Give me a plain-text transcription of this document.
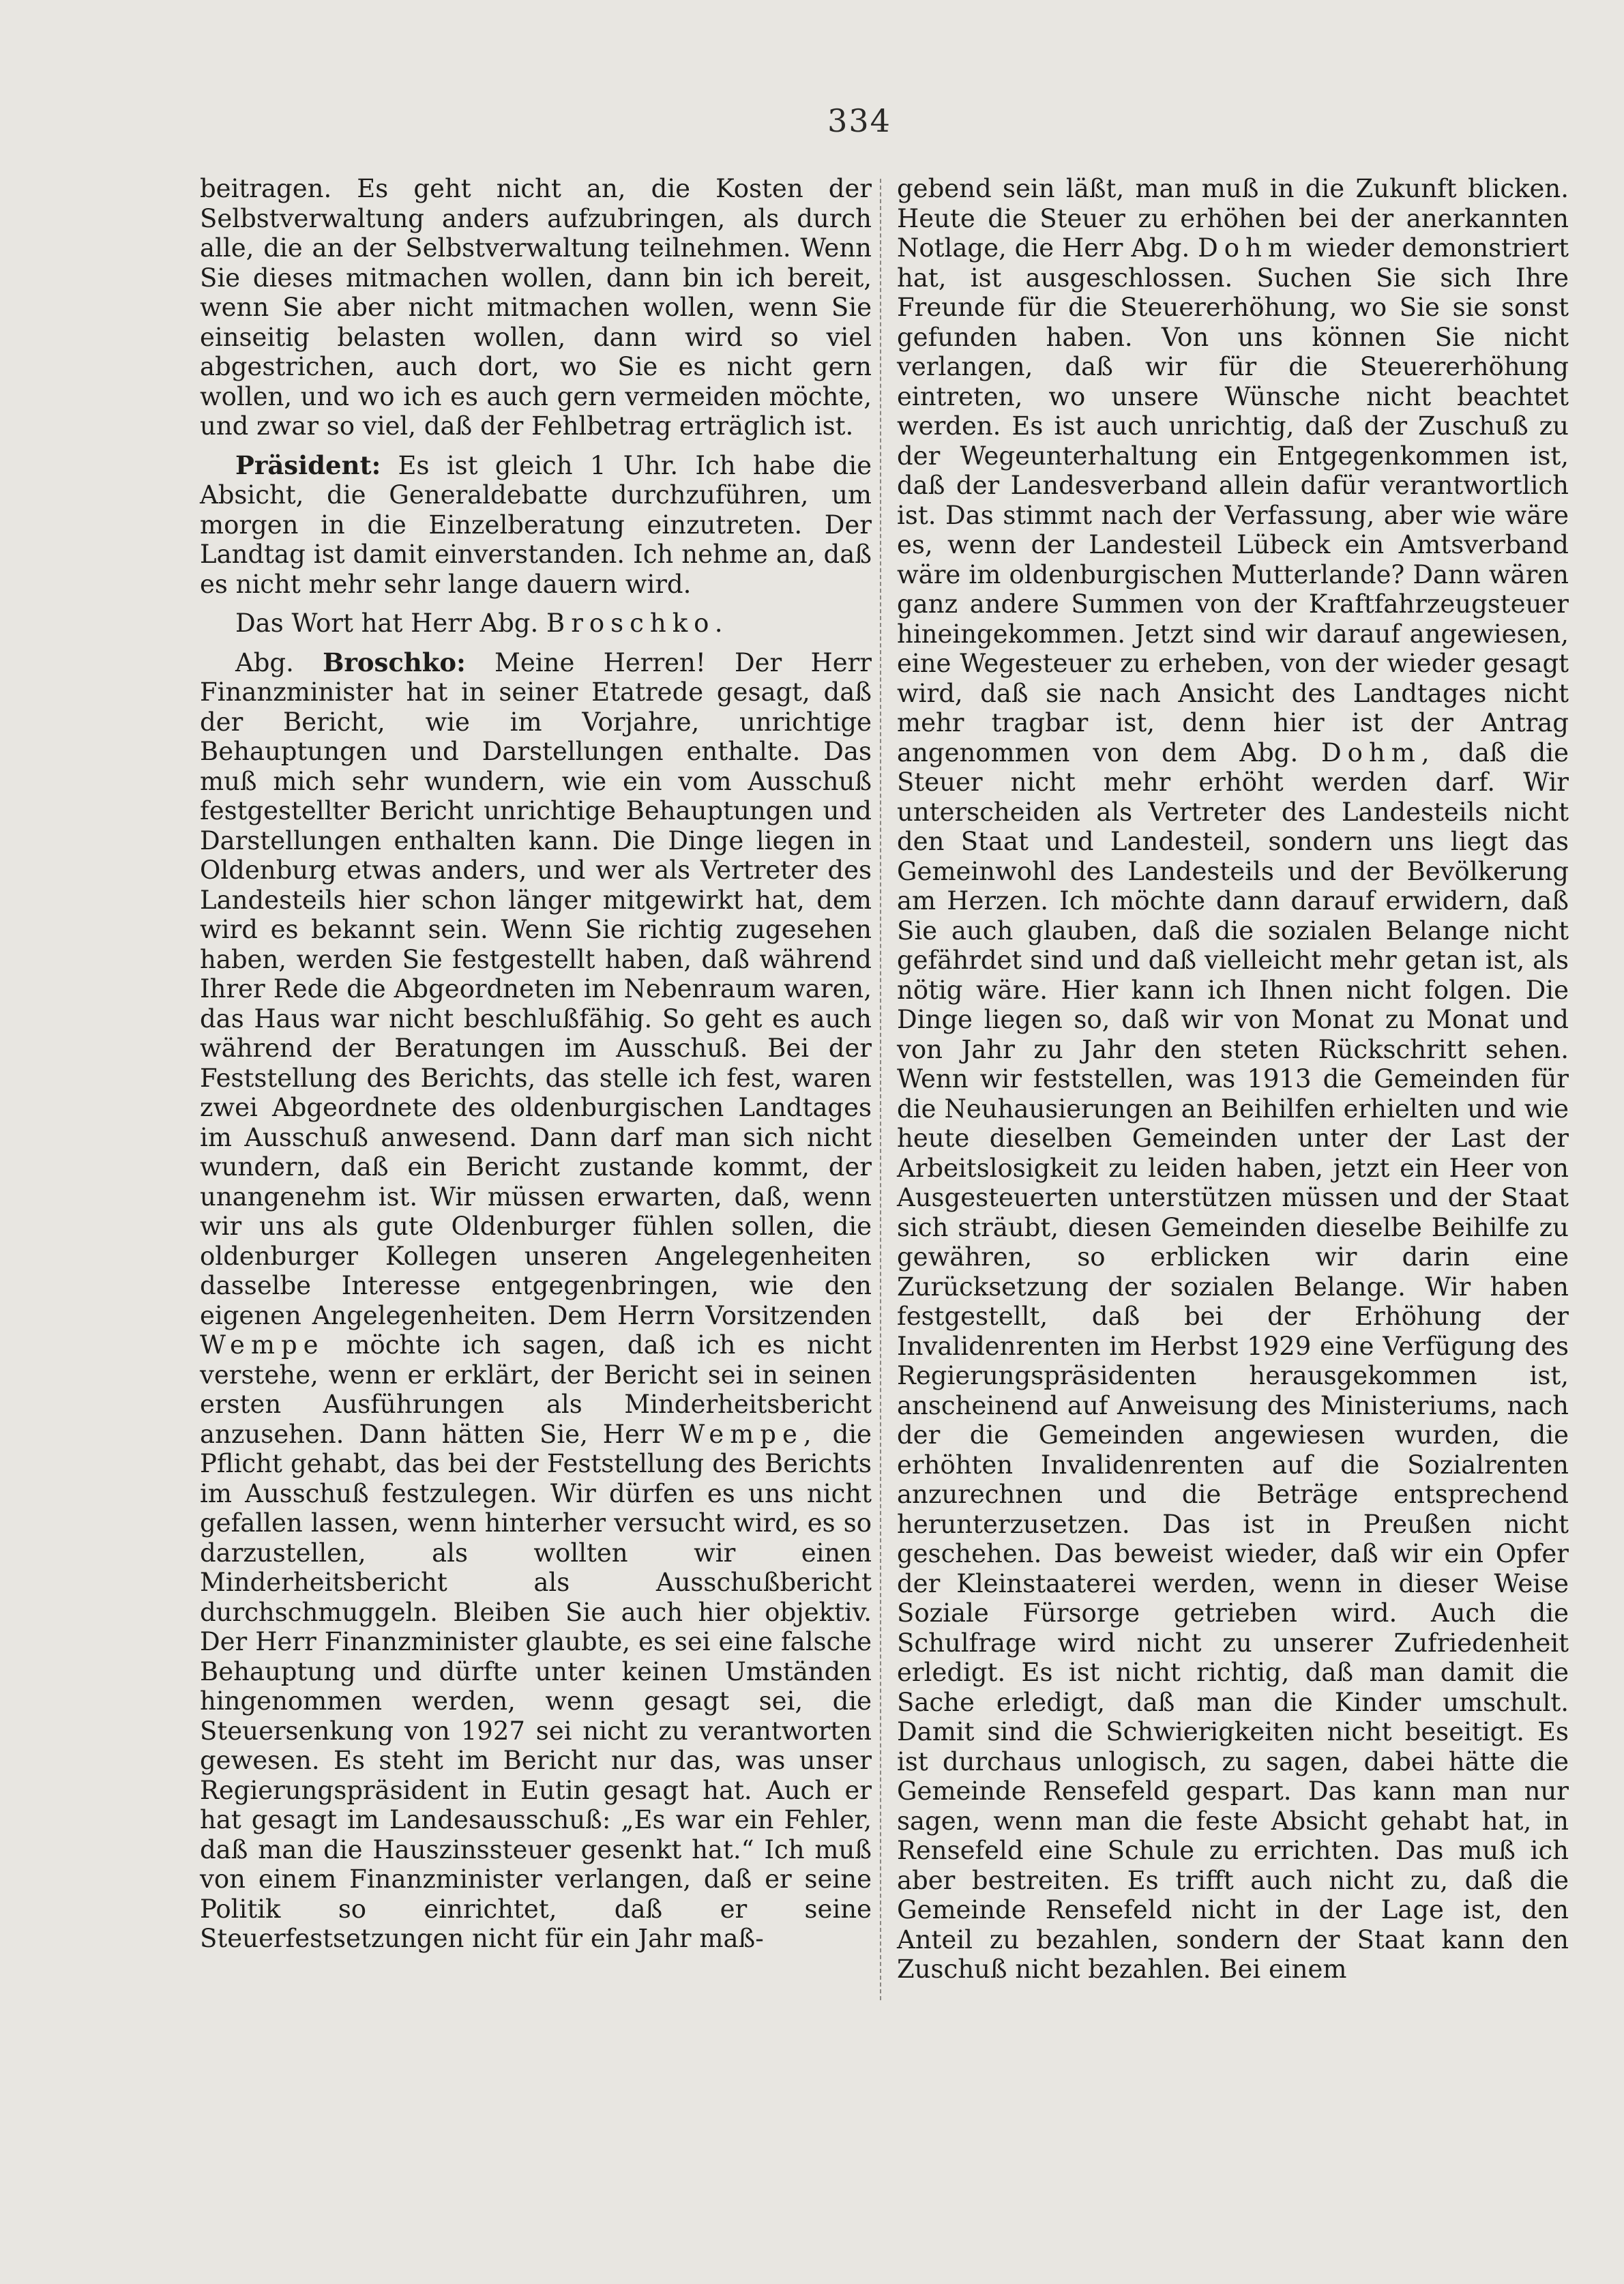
334

beitragen. Es geht nicht an, die Kosten der Selbstverwaltung anders aufzubringen, als durch alle, die an der Selbstverwaltung teilnehmen. Wenn Sie dieses mitmachen wollen, dann bin ich bereit, wenn Sie aber nicht mitmachen wollen, wenn Sie einseitig belasten wollen, dann wird so viel abgestrichen, auch dort, wo Sie es nicht gern wollen, und wo ich es auch gern vermeiden möchte, und zwar so viel, daß der Fehlbetrag erträglich ist.

Präsident: Es ist gleich 1 Uhr. Ich habe die Absicht, die Generaldebatte durchzuführen, um morgen in die Einzelberatung einzutreten. Der Landtag ist damit einverstanden. Ich nehme an, daß es nicht mehr sehr lange dauern wird.

Das Wort hat Herr Abg. Broschko.

Abg. Broschko: Meine Herren! Der Herr Finanzminister hat in seiner Etatrede gesagt, daß der Bericht, wie im Vorjahre, unrichtige Behauptungen und Darstellungen enthalte. Das muß mich sehr wundern, wie ein vom Ausschuß festgestellter Bericht unrichtige Behauptungen und Darstellungen enthalten kann. Die Dinge liegen in Oldenburg etwas anders, und wer als Vertreter des Landesteils hier schon länger mitgewirkt hat, dem wird es bekannt sein. Wenn Sie richtig zugesehen haben, werden Sie festgestellt haben, daß während Ihrer Rede die Abgeordneten im Nebenraum waren, das Haus war nicht beschlußfähig. So geht es auch während der Beratungen im Ausschuß. Bei der Feststellung des Berichts, das stelle ich fest, waren zwei Abgeordnete des oldenburgischen Landtages im Ausschuß anwesend. Dann darf man sich nicht wundern, daß ein Bericht zustande kommt, der unangenehm ist. Wir müssen erwarten, daß, wenn wir uns als gute Oldenburger fühlen sollen, die oldenburger Kollegen unseren Angelegenheiten dasselbe Interesse entgegenbringen, wie den eigenen Angelegenheiten. Dem Herrn Vorsitzenden Wempe möchte ich sagen, daß ich es nicht verstehe, wenn er erklärt, der Bericht sei in seinen ersten Ausführungen als Minderheitsbericht anzusehen. Dann hätten Sie, Herr Wempe, die Pflicht gehabt, das bei der Feststellung des Berichts im Ausschuß festzulegen. Wir dürfen es uns nicht gefallen lassen, wenn hinterher versucht wird, es so darzustellen, als wollten wir einen Minderheitsbericht als Ausschußbericht durchschmuggeln. Bleiben Sie auch hier objektiv. Der Herr Finanzminister glaubte, es sei eine falsche Behauptung und dürfte unter keinen Umständen hingenommen werden, wenn gesagt sei, die Steuersenkung von 1927 sei nicht zu verantworten gewesen. Es steht im Bericht nur das, was unser Regierungspräsident in Eutin gesagt hat. Auch er hat gesagt im Landesausschuß: „Es war ein Fehler, daß man die Hauszinssteuer gesenkt hat.“ Ich muß von einem Finanzminister verlangen, daß er seine Politik so einrichtet, daß er seine Steuerfestsetzungen nicht für ein Jahr maß-

gebend sein läßt, man muß in die Zukunft blicken. Heute die Steuer zu erhöhen bei der anerkannten Notlage, die Herr Abg. Dohm wieder demonstriert hat, ist ausgeschlossen. Suchen Sie sich Ihre Freunde für die Steuererhöhung, wo Sie sie sonst gefunden haben. Von uns können Sie nicht verlangen, daß wir für die Steuererhöhung eintreten, wo unsere Wünsche nicht beachtet werden. Es ist auch unrichtig, daß der Zuschuß zu der Wegeunterhaltung ein Entgegenkommen ist, daß der Landesverband allein dafür verantwortlich ist. Das stimmt nach der Verfassung, aber wie wäre es, wenn der Landesteil Lübeck ein Amtsverband wäre im oldenburgischen Mutterlande? Dann wären ganz andere Summen von der Kraftfahrzeugsteuer hineingekommen. Jetzt sind wir darauf angewiesen, eine Wegesteuer zu erheben, von der wieder gesagt wird, daß sie nach Ansicht des Landtages nicht mehr tragbar ist, denn hier ist der Antrag angenommen von dem Abg. Dohm, daß die Steuer nicht mehr erhöht werden darf. Wir unterscheiden als Vertreter des Landesteils nicht den Staat und Landesteil, sondern uns liegt das Gemeinwohl des Landesteils und der Bevölkerung am Herzen. Ich möchte dann darauf erwidern, daß Sie auch glauben, daß die sozialen Belange nicht gefährdet sind und daß vielleicht mehr getan ist, als nötig wäre. Hier kann ich Ihnen nicht folgen. Die Dinge liegen so, daß wir von Monat zu Monat und von Jahr zu Jahr den steten Rückschritt sehen. Wenn wir feststellen, was 1913 die Gemeinden für die Neuhausierungen an Beihilfen erhielten und wie heute dieselben Gemeinden unter der Last der Arbeitslosigkeit zu leiden haben, jetzt ein Heer von Ausgesteuerten unterstützen müssen und der Staat sich sträubt, diesen Gemeinden dieselbe Beihilfe zu gewähren, so erblicken wir darin eine Zurücksetzung der sozialen Belange. Wir haben festgestellt, daß bei der Erhöhung der Invalidenrenten im Herbst 1929 eine Verfügung des Regierungspräsidenten herausgekommen ist, anscheinend auf Anweisung des Ministeriums, nach der die Gemeinden angewiesen wurden, die erhöhten Invalidenrenten auf die Sozialrenten anzurechnen und die Beträge entsprechend herunterzusetzen. Das ist in Preußen nicht geschehen. Das beweist wieder, daß wir ein Opfer der Kleinstaaterei werden, wenn in dieser Weise Soziale Fürsorge getrieben wird. Auch die Schulfrage wird nicht zu unserer Zufriedenheit erledigt. Es ist nicht richtig, daß man damit die Sache erledigt, daß man die Kinder umschult. Damit sind die Schwierigkeiten nicht beseitigt. Es ist durchaus unlogisch, zu sagen, dabei hätte die Gemeinde Rensefeld gespart. Das kann man nur sagen, wenn man die feste Absicht gehabt hat, in Rensefeld eine Schule zu errichten. Das muß ich aber bestreiten. Es trifft auch nicht zu, daß die Gemeinde Rensefeld nicht in der Lage ist, den Anteil zu bezahlen, sondern der Staat kann den Zuschuß nicht bezahlen. Bei einem
